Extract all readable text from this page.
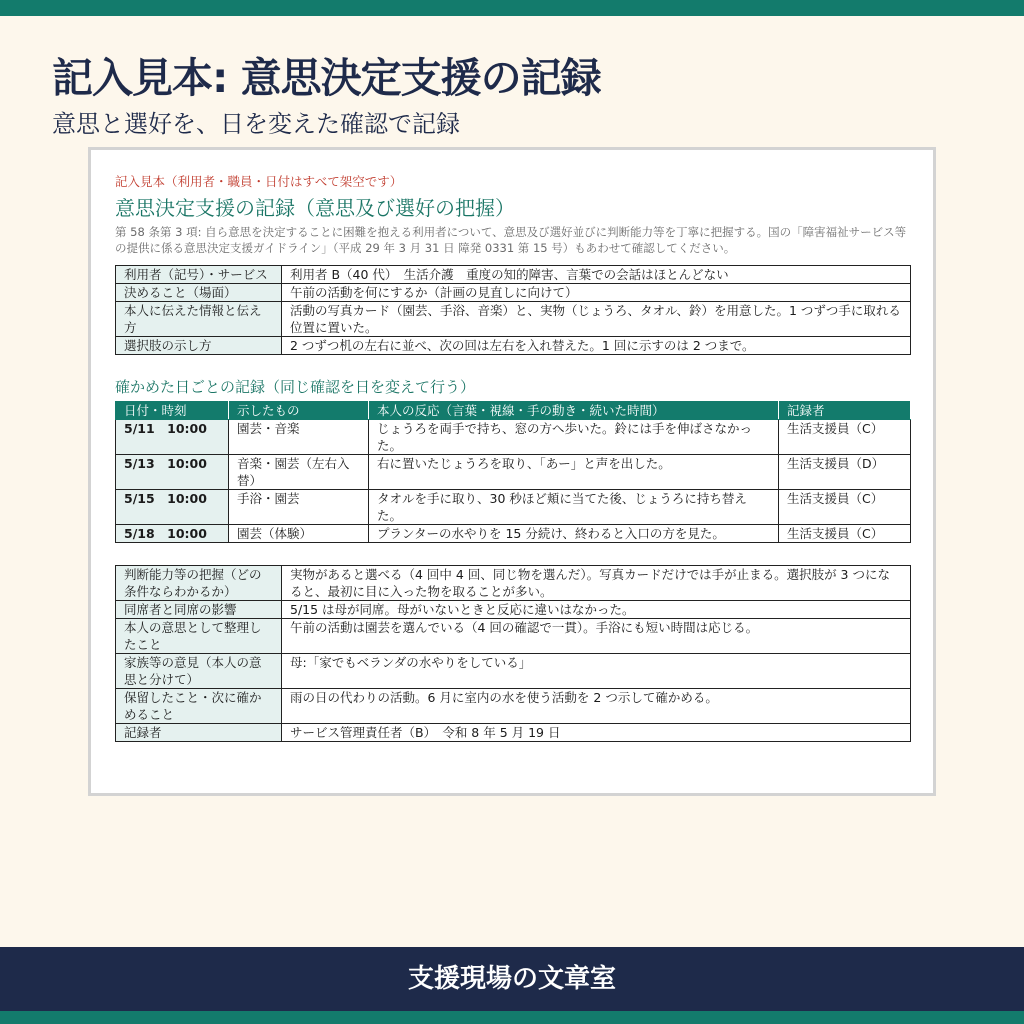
記入見本: 意思決定支援の記録
意思と選好を、日を変えた確認で記録
記入見本（利用者・職員・日付はすべて架空です）
意思決定支援の記録（意思及び選好の把握）
第 58 条第 3 項: 自ら意思を決定することに困難を抱える利用者について、意思及び選好並びに判断能力等を丁寧に把握する。国の「障害福祉サービス等の提供に係る意思決定支援ガイドライン」（平成 29 年 3 月 31 日 障発 0331 第 15 号）もあわせて確認してください。
利用者（記号）・サービス	利用者 B（40 代）　生活介護　重度の知的障害、言葉での会話はほとんどない
決めること（場面）	午前の活動を何にするか（計画の見直しに向けて）
本人に伝えた情報と伝え方	活動の写真カード（園芸、手浴、音楽）と、実物（じょうろ、タオル、鈴）を用意した。1 つずつ手に取れる位置に置いた。
選択肢の示し方	2 つずつ机の左右に並べ、次の回は左右を入れ替えた。1 回に示すのは 2 つまで。
確かめた日ごとの記録（同じ確認を日を変えて行う）
日付・時刻	示したもの	本人の反応（言葉・視線・手の動き・続いた時間）	記録者
5/11　10:00	園芸・音楽	じょうろを両手で持ち、窓の方へ歩いた。鈴には手を伸ばさなかった。	生活支援員（C）
5/13　10:00	音楽・園芸（左右入替）	右に置いたじょうろを取り、「あー」と声を出した。	生活支援員（D）
5/15　10:00	手浴・園芸	タオルを手に取り、30 秒ほど頬に当てた後、じょうろに持ち替えた。	生活支援員（C）
5/18　10:00	園芸（体験）	プランターの水やりを 15 分続け、終わると入口の方を見た。	生活支援員（C）
判断能力等の把握（どの条件ならわかるか）	実物があると選べる（4 回中 4 回、同じ物を選んだ）。写真カードだけでは手が止まる。選択肢が 3 つになると、最初に目に入った物を取ることが多い。
同席者と同席の影響	5/15 は母が同席。母がいないときと反応に違いはなかった。
本人の意思として整理したこと	午前の活動は園芸を選んでいる（4 回の確認で一貫）。手浴にも短い時間は応じる。
家族等の意見（本人の意思と分けて）	母:「家でもベランダの水やりをしている」
保留したこと・次に確かめること	雨の日の代わりの活動。6 月に室内の水を使う活動を 2 つ示して確かめる。
記録者	サービス管理責任者（B）　令和 8 年 5 月 19 日
支援現場の文章室
